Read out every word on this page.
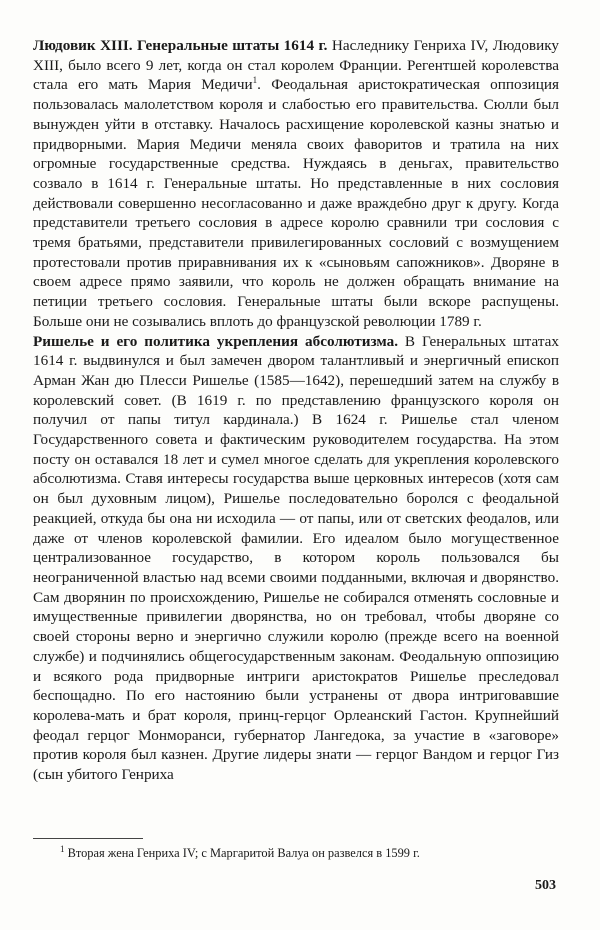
Людовик XIII. Генеральные штаты 1614 г. Наследнику Генриха IV, Людовику XIII, было всего 9 лет, когда он стал королем Франции. Регентшей королевства стала его мать Мария Медичи$^1$. Феодальная аристократическая оппозиция пользовалась малолетством короля и слабостью его правительства. Сюлли был вынужден уйти в отставку. Началось расхищение королевской казны знатью и придворными. Мария Медичи меняла своих фаворитов и тратила на них огромные государственные средства. Нуждаясь в деньгах, правительство созвало в 1614 г. Генеральные штаты. Но представленные в них сословия действовали совершенно несогласованно и даже враждебно друг к другу. Когда представители третьего сословия в адресе королю сравнили три сословия с тремя братьями, представители привилегированных сословий с возмущением протестовали против приравнивания их к «сыновьям сапожников». Дворяне в своем адресе прямо заявили, что король не должен обращать внимание на петиции третьего сословия. Генеральные штаты были вскоре распущены. Больше они не созывались вплоть до французской революции 1789 г.

Ришелье и его политика укрепления абсолютизма. В Генеральных штатах 1614 г. выдвинулся и был замечен двором талантливый и энергичный епископ Арман Жан дю Плесси Ришелье (1585—1642), перешедший затем на службу в королевский совет. (В 1619 г. по представлению французского короля он получил от папы титул кардинала.) В 1624 г. Ришелье стал членом Государственного совета и фактическим руководителем государства. На этом посту он оставался 18 лет и сумел многое сделать для укрепления королевского абсолютизма. Ставя интересы государства выше церковных интересов (хотя сам он был духовным лицом), Ришелье последовательно боролся с феодальной реакцией, откуда бы она ни исходила — от папы, или от светских феодалов, или даже от членов королевской фамилии. Его идеалом было могущественное централизованное государство, в котором король пользовался бы неограниченной властью над всеми своими подданными, включая и дворянство. Сам дворянин по происхождению, Ришелье не собирался отменять сословные и имущественные привилегии дворянства, но он требовал, чтобы дворяне со своей стороны верно и энергично служили королю (прежде всего на военной службе) и подчинялись общегосударственным законам. Феодальную оппозицию и всякого рода придворные интриги аристократов Ришелье преследовал беспощадно. По его настоянию были устранены от двора интриговавшие королева-мать и брат короля, принц-герцог Орлеанский Гастон. Крупнейший феодал герцог Монморанси, губернатор Лангедока, за участие в «заговоре» против короля был казнен. Другие лидеры знати — герцог Вандом и герцог Гиз (сын убитого Генриха

$^1$ Вторая жена Генриха IV; с Маргаритой Валуа он развелся в 1599 г.
503
